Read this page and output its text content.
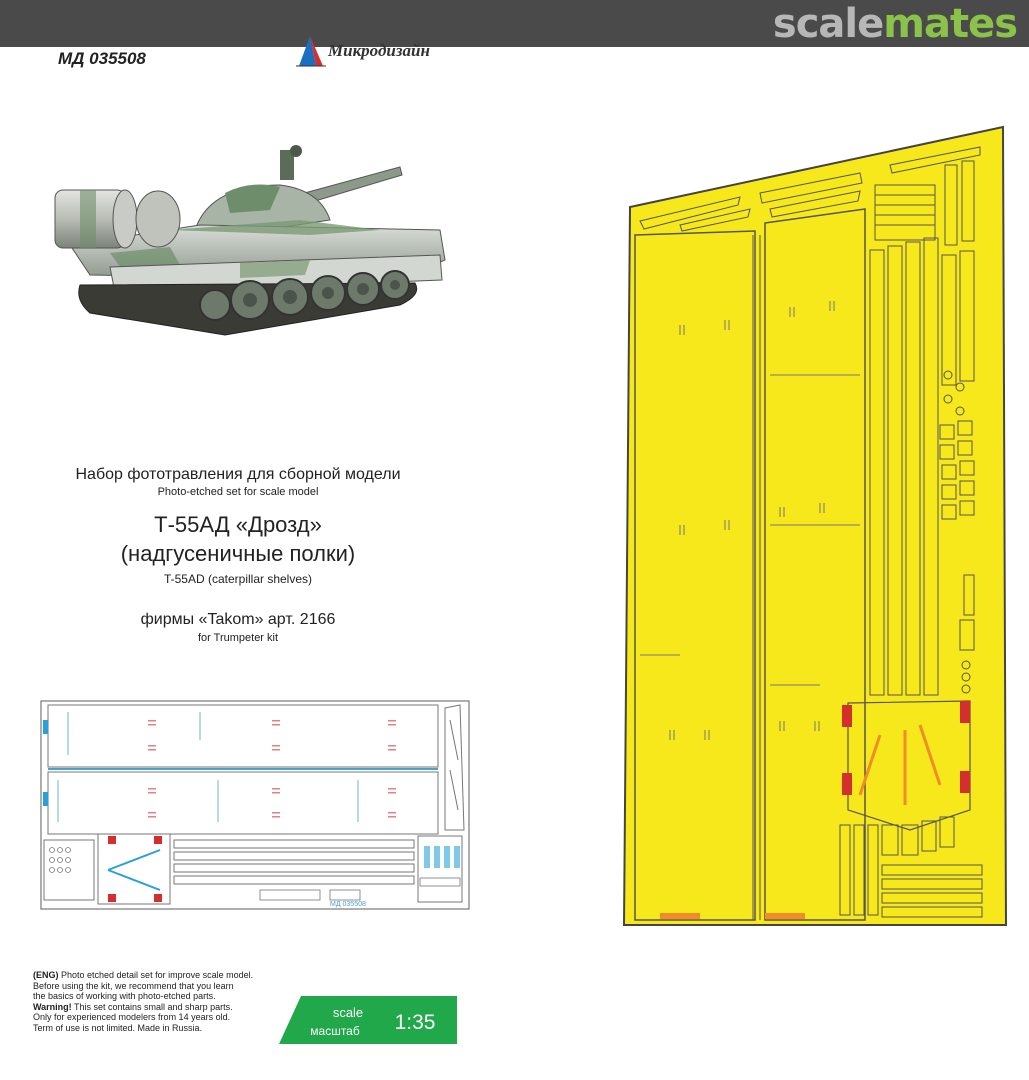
scalemates
МД 035508	Микродизайн
Набор фототравления для сборной модели
Photo-etched set for scale model
Т-55АД «Дрозд»
(надгусеничные полки)
T-55AD (caterpillar shelves)
фирмы «Takom» арт. 2166
for Trumpeter kit
МД 035508
(ENG) Photo etched detail set for improve scale model.
Before using the kit, we recommend that you learn
the basics of working with photo-etched parts.
Warning! This set contains small and sharp parts.
Only for experienced modelers from 14 years old.
Term of use is not limited. Made in Russia.
scale
масштаб	1:35
